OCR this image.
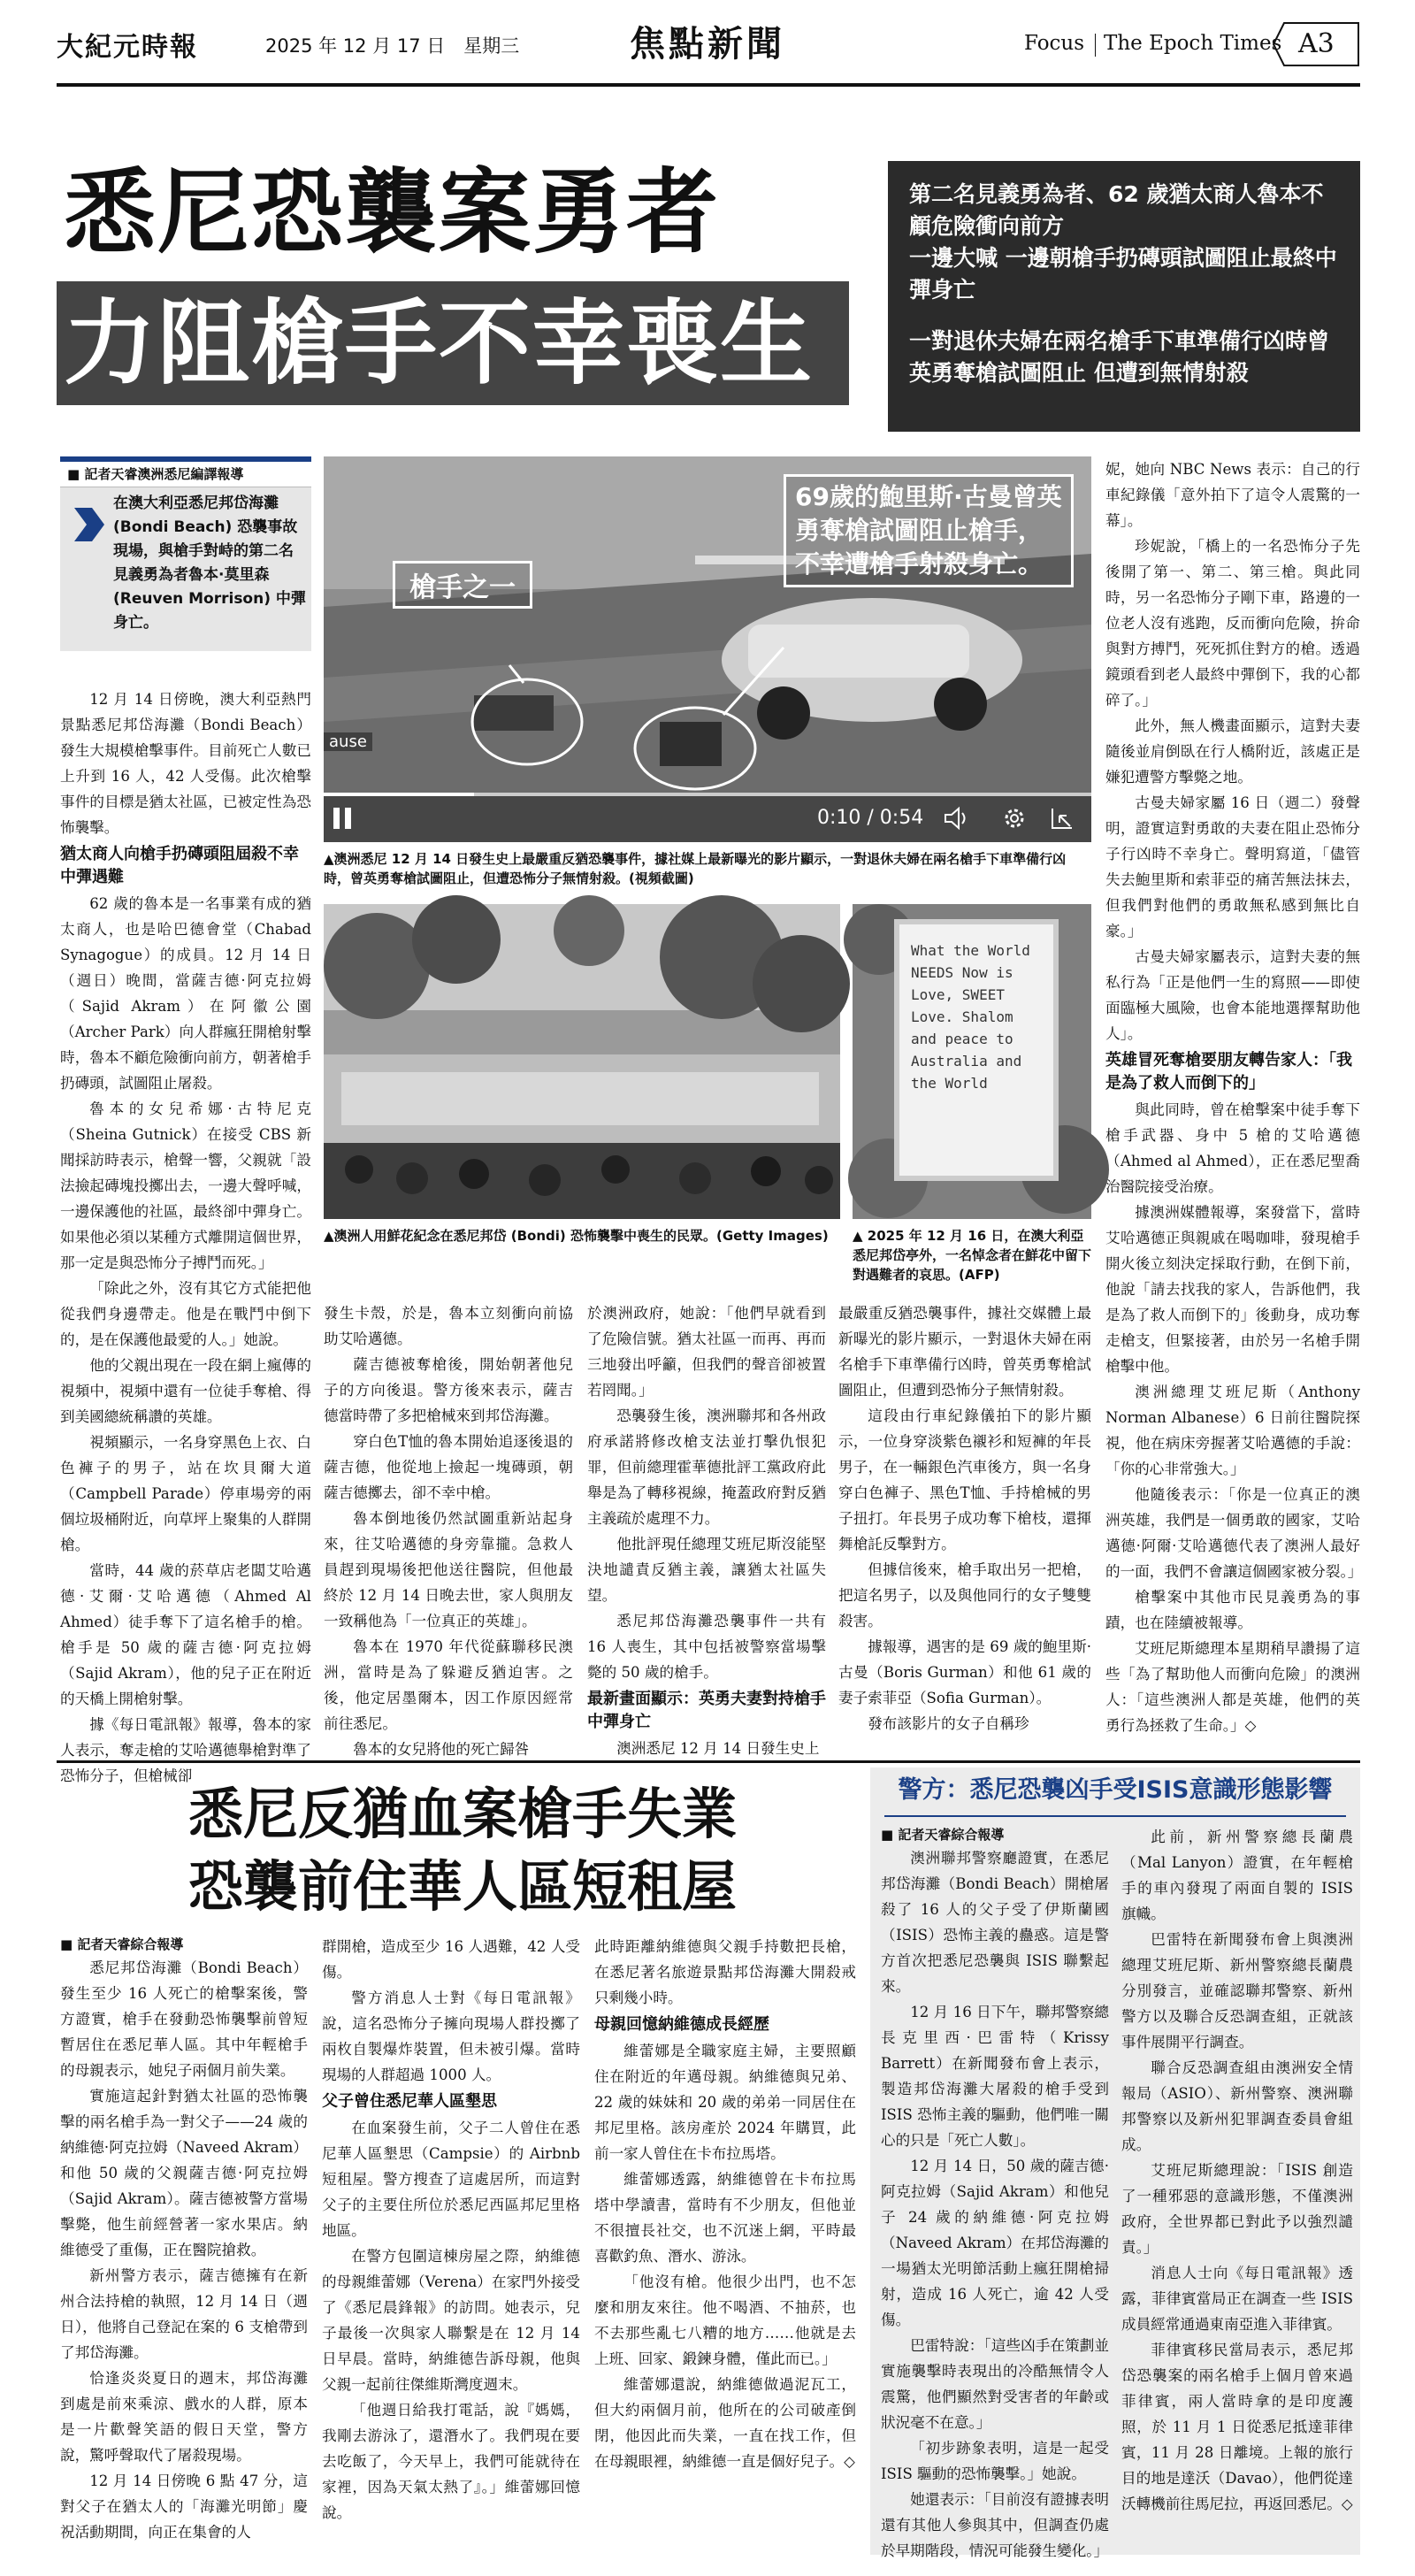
大紀元時報	2025 年 12 月 17 日　星期三	焦點新聞	Focus The Epoch Times A3
悉尼恐襲案勇者
力阻槍手不幸喪生
第二名見義勇為者、62 歲猶太商人魯本不顧危險衝向前方
一邊大喊 一邊朝槍手扔磚頭試圖阻止最終中彈身亡
一對退休夫婦在兩名槍手下車準備行凶時曾英勇奪槍試圖阻止 但遭到無情射殺
■ 記者天睿澳洲悉尼編譯報導
在澳大利亞悉尼邦岱海灘 (Bondi Beach) 恐襲事故現場，與槍手對峙的第二名見義勇為者魯本·莫里森 (Reuven Morrison) 中彈身亡。

12 月 14 日傍晚，澳大利亞熱門景點悉尼邦岱海灘（Bondi Beach）發生大規模槍擊事件。目前死亡人數已上升到 16 人，42 人受傷。此次槍擊事件的目標是猶太社區，已被定性為恐怖襲擊。

猶太商人向槍手扔磚頭阻屆殺不幸中彈遇難

62 歲的魯本是一名事業有成的猶太商人，也是哈巴德會堂（Chabad Synagogue）的成員。12 月 14 日（週日）晚間，當薩吉德·阿克拉姆（Sajid Akram）在阿徽公園（Archer Park）向人群瘋狂開槍射擊時，魯本不顧危險衝向前方，朝著槍手扔磚頭，試圖阻止屠殺。

魯本的女兒希娜·古特尼克（Sheina Gutnick）在接受 CBS 新聞採訪時表示，槍聲一響，父親就「設法撿起磚塊投擲出去，一邊大聲呼喊，一邊保護他的社區，最終卻中彈身亡。如果他必須以某種方式離開這個世界，那一定是與恐怖分子搏鬥而死。」

「除此之外，沒有其它方式能把他從我們身邊帶走。他是在戰鬥中倒下的，是在保護他最愛的人。」她說。

他的父親出現在一段在網上瘋傳的視頻中，視頻中還有一位徒手奪槍、得到美國總統稱讚的英雄。

視頻顯示，一名身穿黑色上衣、白色褲子的男子，站在坎貝爾大道（Campbell Parade）停車場旁的兩個垃圾桶附近，向草坪上聚集的人群開槍。

當時，44 歲的菸草店老闆艾哈邁德·艾爾·艾哈邁德（Ahmed Al Ahmed）徒手奪下了這名槍手的槍。槍手是 50 歲的薩吉德·阿克拉姆（Sajid Akram），他的兒子正在附近的天橋上開槍射擊。

據《每日電訊報》報導，魯本的家人表示，奪走槍的艾哈邁德舉槍對準了恐怖分子，但槍械卻

槍手之一
69歲的鮑里斯·古曼曾英勇奪槍試圖阻止槍手，不幸遭槍手射殺身亡。
ause
0:10 / 0:54
▲澳洲悉尼 12 月 14 日發生史上最嚴重反猶恐襲事件，據社媒上最新曝光的影片顯示，一對退休夫婦在兩名槍手下車準備行凶時，曾英勇奪槍試圖阻止，但遭恐怖分子無情射殺。(視頻截圖)
▲澳洲人用鮮花紀念在悉尼邦岱 (Bondi) 恐怖襲擊中喪生的民眾。(Getty Images)
What the World NEEDS Now is Love, SWEET Love. Shalom and peace to Australia and the World
▲ 2025 年 12 月 16 日，在澳大利亞悉尼邦岱亭外，一名悼念者在鮮花中留下對遇難者的哀思。(AFP)

發生卡殼，於是，魯本立刻衝向前協助艾哈邁德。

薩吉德被奪槍後，開始朝著他兒子的方向後退。警方後來表示，薩吉德當時帶了多把槍械來到邦岱海灘。

穿白色T恤的魯本開始追逐後退的薩吉德，他從地上撿起一塊磚頭，朝薩吉德擲去，卻不幸中槍。

魯本倒地後仍然試圖重新站起身來，往艾哈邁德的身旁靠攏。急救人員趕到現場後把他送往醫院，但他最終於 12 月 14 日晚去世，家人與朋友一致稱他為「一位真正的英雄」。

魯本在 1970 年代從蘇聯移民澳洲，當時是為了躲避反猶迫害。之後，他定居墨爾本，因工作原因經常前往悉尼。

魯本的女兒將他的死亡歸咎

於澳洲政府，她說：「他們早就看到了危險信號。猶太社區一而再、再而三地發出呼籲，但我們的聲音卻被置若罔聞。」

恐襲發生後，澳洲聯邦和各州政府承諾將修改槍支法並打擊仇恨犯罪，但前總理霍華德批評工黨政府此舉是為了轉移視線，掩蓋政府對反猶主義疏於處理不力。

他批評現任總理艾班尼斯沒能堅決地譴責反猶主義，讓猶太社區失望。

悉尼邦岱海灘恐襲事件一共有 16 人喪生，其中包括被警察當場擊斃的 50 歲的槍手。

最新畫面顯示：英勇夫妻對持槍手中彈身亡

澳洲悉尼 12 月 14 日發生史上

最嚴重反猶恐襲事件，據社交媒體上最新曝光的影片顯示，一對退休夫婦在兩名槍手下車準備行凶時，曾英勇奪槍試圖阻止，但遭到恐怖分子無情射殺。

這段由行車紀錄儀拍下的影片顯示，一位身穿淡紫色襯衫和短褲的年長男子，在一輛銀色汽車後方，與一名身穿白色褲子、黑色T恤、手持槍械的男子扭打。年長男子成功奪下槍枝，還揮舞槍託反擊對方。

但據信後來，槍手取出另一把槍，把這名男子，以及與他同行的女子雙雙殺害。

據報導，遇害的是 69 歲的鮑里斯·古曼（Boris Gurman）和他 61 歲的妻子索菲亞（Sofia Gurman）。

發布該影片的女子自稱珍

妮，她向 NBC News 表示：自己的行車紀錄儀「意外拍下了這令人震驚的一幕」。

珍妮說，「橋上的一名恐怖分子先後開了第一、第二、第三槍。與此同時，另一名恐怖分子剛下車，路邊的一位老人沒有逃跑，反而衝向危險，拚命與對方搏鬥，死死抓住對方的槍。透過鏡頭看到老人最終中彈倒下，我的心都碎了。」

此外，無人機畫面顯示，這對夫妻隨後並肩倒臥在行人橋附近，該處正是嫌犯遭警方擊斃之地。

古曼夫婦家屬 16 日（週二）發聲明，證實這對勇敢的夫妻在阻止恐怖分子行凶時不幸身亡。聲明寫道，「儘管失去鮑里斯和索菲亞的痛苦無法抹去，但我們對他們的勇敢無私感到無比自豪。」

古曼夫婦家屬表示，這對夫妻的無私行為「正是他們一生的寫照——即使面臨極大風險，也會本能地選擇幫助他人」。

英雄冒死奪槍要朋友轉告家人：「我是為了救人而倒下的」

與此同時，曾在槍擊案中徒手奪下槍手武器、身中 5 槍的艾哈邁德（Ahmed al Ahmed），正在悉尼聖喬治醫院接受治療。

據澳洲媒體報導，案發當下，當時艾哈邁德正與親戚在喝咖啡，發現槍手開火後立刻決定採取行動，在倒下前，他說「請去找我的家人，告訴他們，我是為了救人而倒下的」後動身，成功奪走槍支，但緊接著，由於另一名槍手開槍擊中他。

澳洲總理艾班尼斯（Anthony Norman Albanese）6 日前往醫院探視，他在病床旁握著艾哈邁德的手說：「你的心非常強大。」

他隨後表示：「你是一位真正的澳洲英雄，我們是一個勇敢的國家，艾哈邁德·阿爾·艾哈邁德代表了澳洲人最好的一面，我們不會讓這個國家被分裂。」

槍擊案中其他市民見義勇為的事蹟，也在陸續被報導。

艾班尼斯總理本星期稍早讚揚了這些「為了幫助他人而衝向危險」的澳洲人：「這些澳洲人都是英雄，他們的英勇行為拯救了生命。」◇

悉尼反猶血案槍手失業
恐襲前住華人區短租屋
■ 記者天睿綜合報導

悉尼邦岱海灘（Bondi Beach）發生至少 16 人死亡的槍擊案後，警方證實，槍手在發動恐怖襲擊前曾短暫居住在悉尼華人區。其中年輕槍手的母親表示，她兒子兩個月前失業。

實施這起針對猶太社區的恐怖襲擊的兩名槍手為一對父子——24 歲的納維德·阿克拉姆（Naveed Akram）和他 50 歲的父親薩吉德·阿克拉姆（Sajid Akram）。薩吉德被警方當場擊斃，他生前經營著一家水果店。納維德受了重傷，正在醫院搶救。

新州警方表示，薩吉德擁有在新州合法持槍的執照，12 月 14 日（週日），他將自己登記在案的 6 支槍帶到了邦岱海灘。

恰逢炎炎夏日的週末，邦岱海灘到處是前來乘涼、戲水的人群，原本是一片歡聲笑語的假日天堂，警方說，驚呼聲取代了屠殺現場。

12 月 14 日傍晚 6 點 47 分，這對父子在猶太人的「海灘光明節」慶祝活動期間，向正在集會的人

群開槍，造成至少 16 人遇難，42 人受傷。

警方消息人士對《每日電訊報》說，這名恐怖分子擁向現場人群投擲了兩枚自製爆炸裝置，但未被引爆。當時現場的人群超過 1000 人。

父子曾住悉尼華人區墾思

在血案發生前，父子二人曾住在悉尼華人區墾思（Campsie）的 Airbnb 短租屋。警方搜查了這處居所，而這對父子的主要住所位於悉尼西區邦尼里格地區。

在警方包圍這棟房屋之際，納維德的母親維蕾娜（Verena）在家門外接受了《悉尼晨鋒報》的訪問。她表示，兒子最後一次與家人聯繫是在 12 月 14 日早晨。當時，納維德告訴母親，他與父親一起前往傑維斯灣度週末。

「他週日給我打電話，說『媽媽，我剛去游泳了，還潛水了。我們現在要去吃飯了，今天早上，我們可能就待在家裡，因為天氣太熱了』。」維蕾娜回憶說。

此時距離納維德與父親手持數把長槍，在悉尼著名旅遊景點邦岱海灘大開殺戒只剩幾小時。

母親回憶納維德成長經歷

維蕾娜是全職家庭主婦，主要照顧住在附近的年邁母親。納維德與兄弟、22 歲的妹妹和 20 歲的弟弟一同居住在邦尼里格。該房產於 2024 年購買，此前一家人曾住在卡布拉馬塔。

維蕾娜透露，納維德曾在卡布拉馬塔中學讀書，當時有不少朋友，但他並不很擅長社交，也不沉迷上網，平時最喜歡釣魚、潛水、游泳。

「他沒有槍。他很少出門，也不怎麼和朋友來往。他不喝酒、不抽菸，也不去那些亂七八糟的地方……他就是去上班、回家、鍛鍊身體，僅此而已。」

維蕾娜還說，納維德做過泥瓦工，但大約兩個月前，他所在的公司破產倒閉，他因此而失業，一直在找工作，但在母親眼裡，納維德一直是個好兒子。◇

警方：悉尼恐襲凶手受ISIS意識形態影響
■ 記者天睿綜合報導

澳洲聯邦警察廳證實，在悉尼邦岱海灘（Bondi Beach）開槍屠殺了 16 人的父子受了伊斯蘭國（ISIS）恐怖主義的蠱惑。這是警方首次把悉尼恐襲與 ISIS 聯繫起來。

12 月 16 日下午，聯邦警察總長克里西·巴雷特（Krissy Barrett）在新聞發布會上表示，製造邦岱海灘大屠殺的槍手受到 ISIS 恐怖主義的驅動，他們唯一關心的只是「死亡人數」。

12 月 14 日，50 歲的薩吉德·阿克拉姆（Sajid Akram）和他兒子 24 歲的納維德·阿克拉姆（Naveed Akram）在邦岱海灘的一場猶太光明節活動上瘋狂開槍掃射，造成 16 人死亡，逾 42 人受傷。

巴雷特說：「這些凶手在策劃並實施襲擊時表現出的冷酷無情令人震驚，他們顯然對受害者的年齡或狀況毫不在意。」

「初步跡象表明，這是一起受 ISIS 驅動的恐怖襲擊。」她說。

她還表示：「目前沒有證據表明還有其他人參與其中，但調查仍處於早期階段，情況可能發生變化。」

此前，新州警察總長蘭農（Mal Lanyon）證實，在年輕槍手的車內發現了兩面自製的 ISIS 旗幟。

巴雷特在新聞發布會上與澳洲總理艾班尼斯、新州警察總長蘭農分別發言，並確認聯邦警察、新州警方以及聯合反恐調查組，正就該事件展開平行調查。

聯合反恐調查組由澳洲安全情報局（ASIO）、新州警察、澳洲聯邦警察以及新州犯罪調查委員會組成。

艾班尼斯總理說：「ISIS 創造了一種邪惡的意識形態，不僅澳洲政府，全世界都已對此予以強烈譴責。」

消息人士向《每日電訊報》透露，菲律賓當局正在調查一些 ISIS 成員經常通過東南亞進入菲律賓。

菲律賓移民當局表示，悉尼邦岱恐襲案的兩名槍手上個月曾來過菲律賓，兩人當時拿的是印度護照，於 11 月 1 日從悉尼抵達菲律賓，11 月 28 日離境。上報的旅行目的地是達沃（Davao），他們從達沃轉機前往馬尼拉，再返回悉尼。◇
